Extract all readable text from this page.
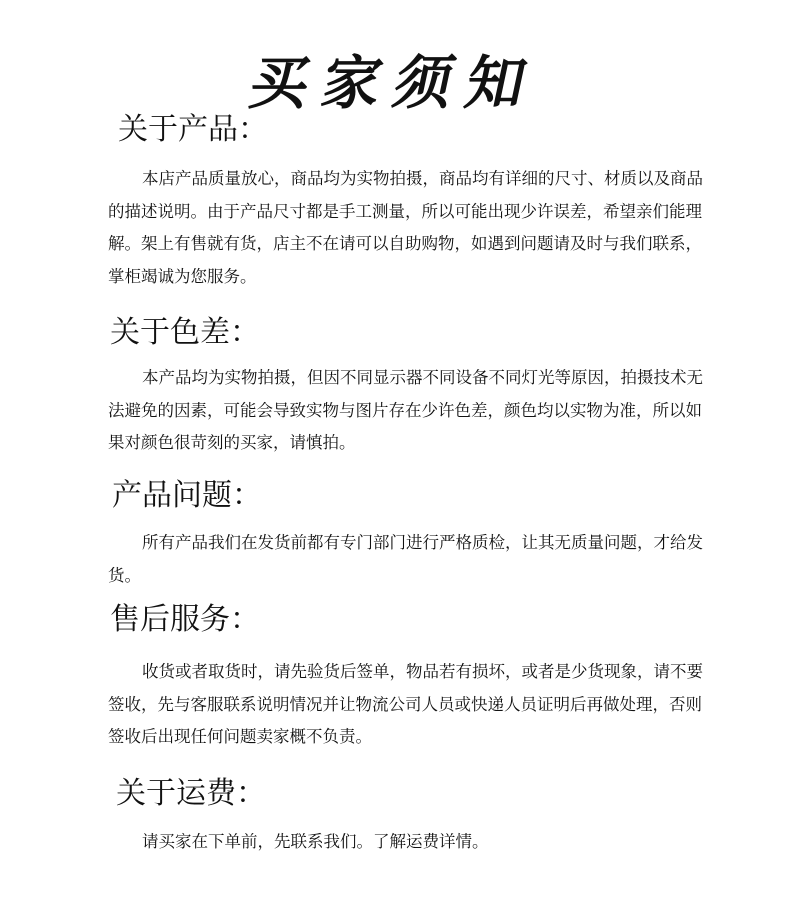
买家须知
关于产品：

本店产品质量放心，商品均为实物拍摄，商品均有详细的尺寸、材质以及商品的描述说明。由于产品尺寸都是手工测量，所以可能出现少许误差，希望亲们能理解。架上有售就有货，店主不在请可以自助购物，如遇到问题请及时与我们联系，掌柜竭诚为您服务。

关于色差：

本产品均为实物拍摄，但因不同显示器不同设备不同灯光等原因，拍摄技术无法避免的因素，可能会导致实物与图片存在少许色差，颜色均以实物为准，所以如果对颜色很苛刻的买家，请慎拍。

产品问题：

所有产品我们在发货前都有专门部门进行严格质检，让其无质量问题，才给发货。

售后服务：

收货或者取货时，请先验货后签单，物品若有损坏，或者是少货现象，请不要签收，先与客服联系说明情况并让物流公司人员或快递人员证明后再做处理，否则签收后出现任何问题卖家概不负责。

关于运费：

请买家在下单前，先联系我们。了解运费详情。
